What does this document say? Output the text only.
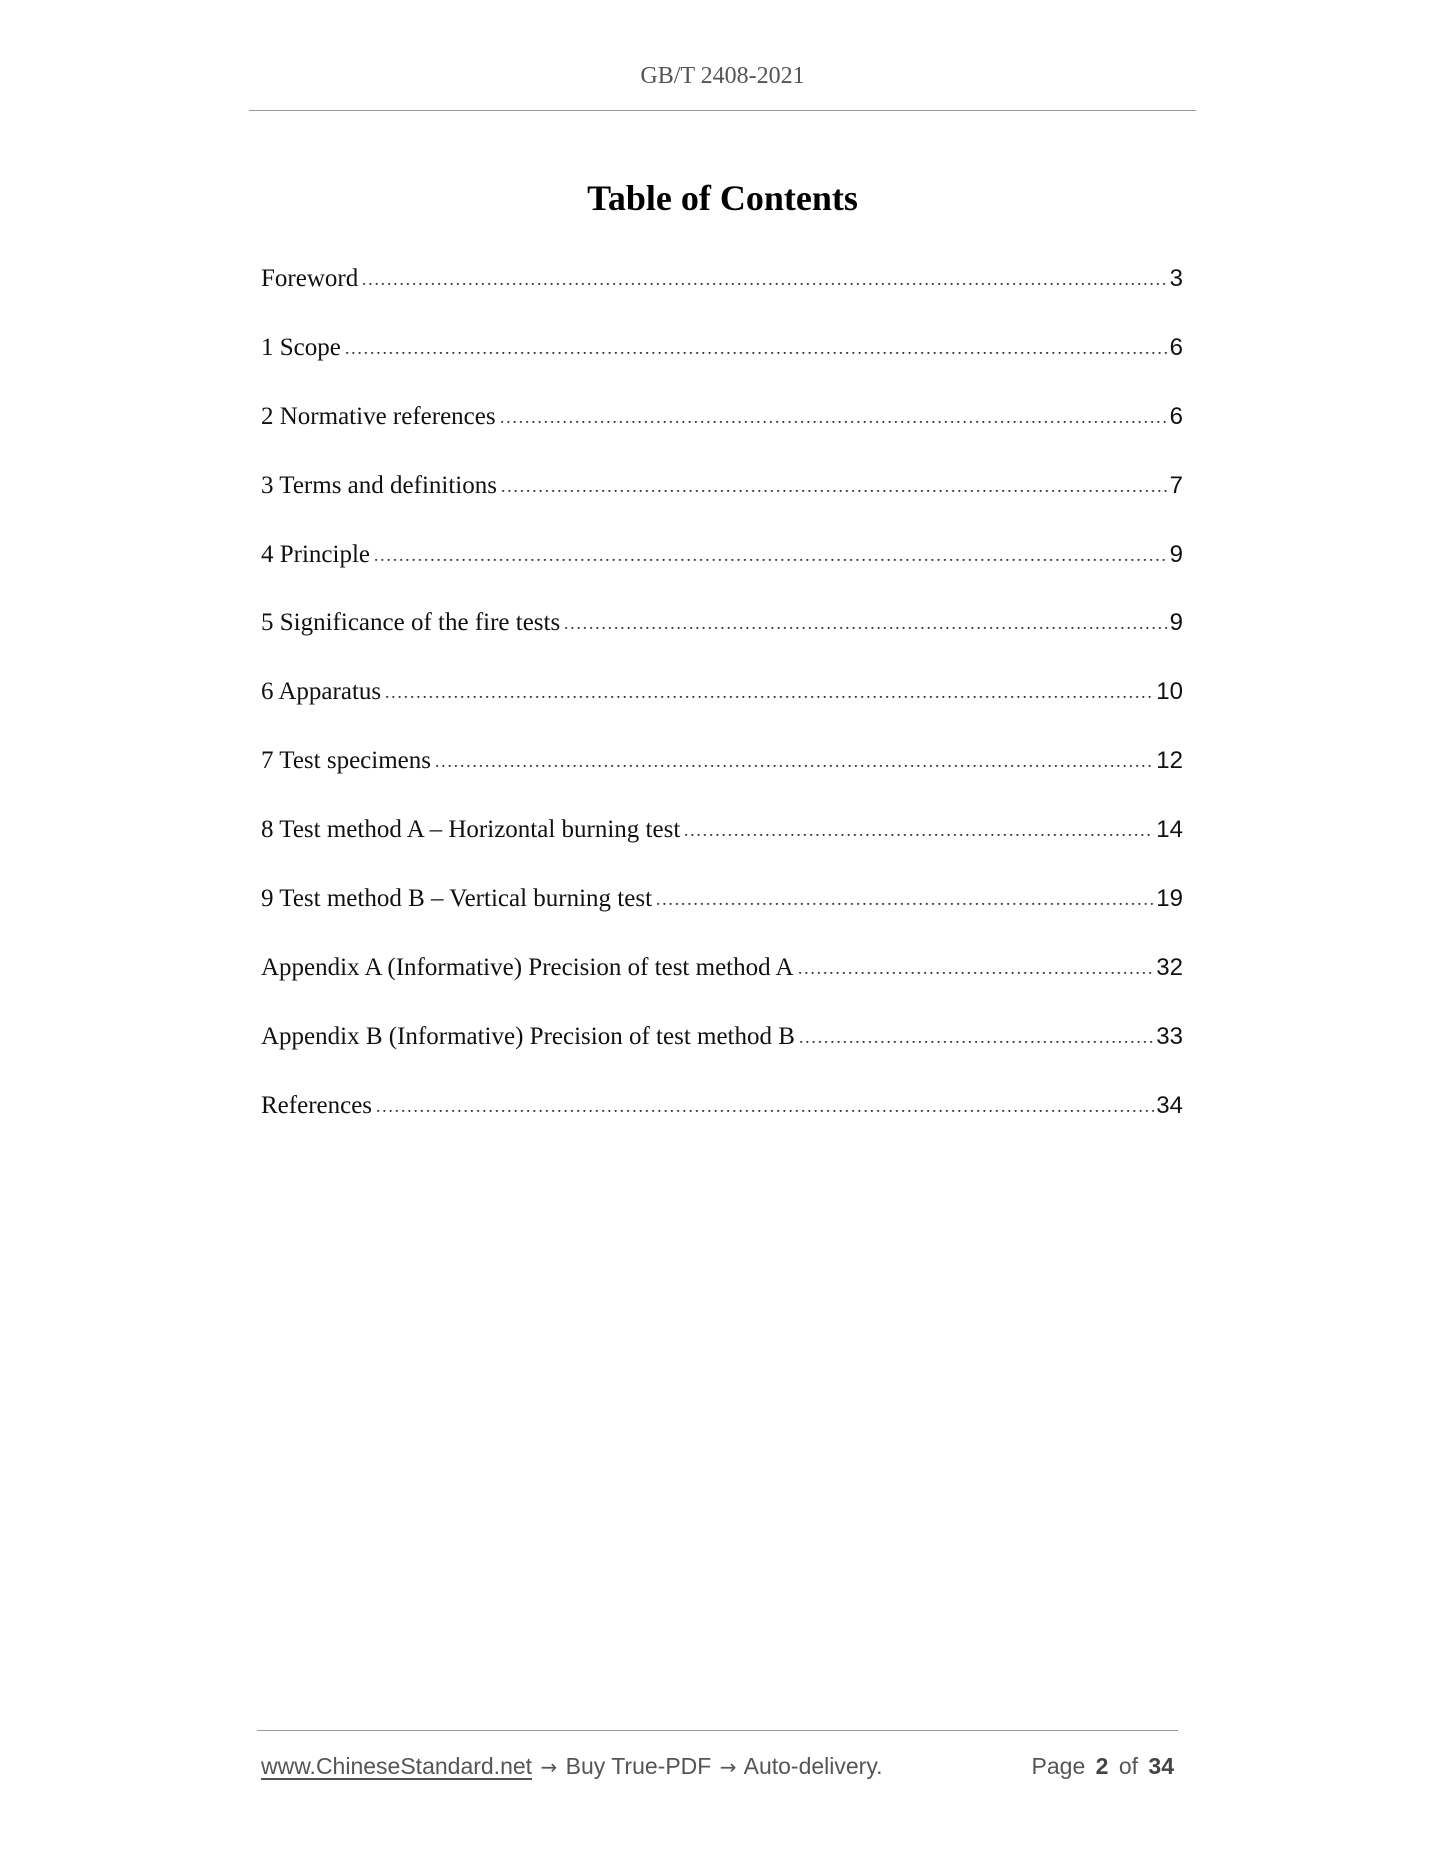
GB/T 2408-2021
Table of Contents
Foreword	3
1 Scope	6
2 Normative references	6
3 Terms and definitions	7
4 Principle	9
5 Significance of the fire tests	9
6 Apparatus	10
7 Test specimens	12
8 Test method A – Horizontal burning test	14
9 Test method B – Vertical burning test	19
Appendix A (Informative) Precision of test method A	32
Appendix B (Informative) Precision of test method B	33
References	34
www.ChineseStandard.net → Buy True-PDF → Auto-delivery.	Page 2 of 34
